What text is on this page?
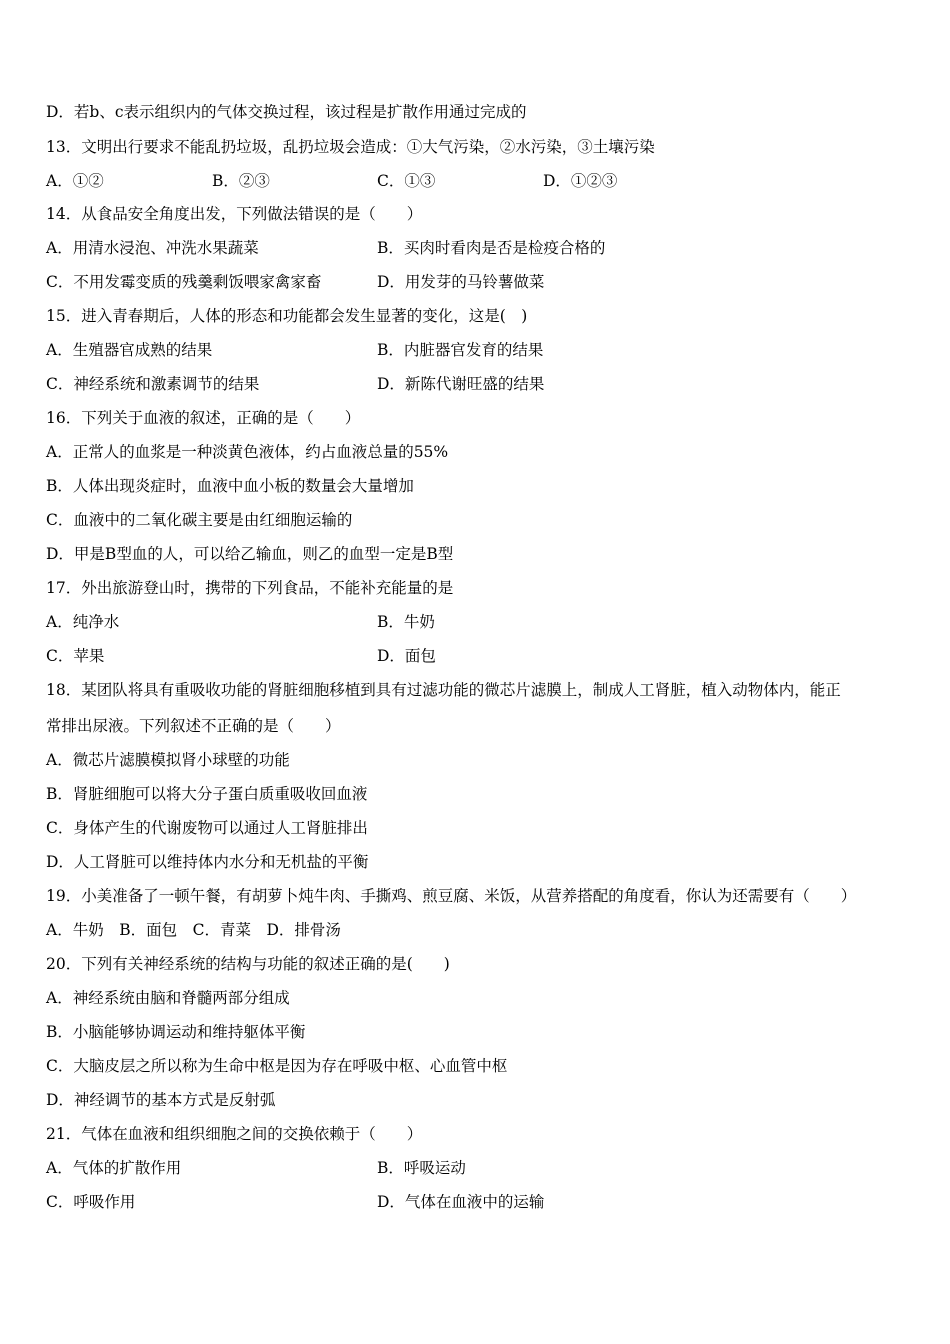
D．若b、c表示组织内的气体交换过程，该过程是扩散作用通过完成的
13．文明出行要求不能乱扔垃圾，乱扔垃圾会造成：①大气污染，②水污染，③土壤污染
A．①②	B．②③	C．①③	D．①②③
14．从食品安全角度出发，下列做法错误的是（　　）
A．用清水浸泡、冲洗水果蔬菜	B．买肉时看肉是否是检疫合格的
C．不用发霉变质的残羹剩饭喂家禽家畜	D．用发芽的马铃薯做菜
15．进入青春期后，人体的形态和功能都会发生显著的变化，这是(　)
A．生殖器官成熟的结果	B．内脏器官发育的结果
C．神经系统和激素调节的结果	D．新陈代谢旺盛的结果
16．下列关于血液的叙述，正确的是（　　）
A．正常人的血浆是一种淡黄色液体，约占血液总量的55%
B．人体出现炎症时，血液中血小板的数量会大量增加
C．血液中的二氧化碳主要是由红细胞运输的
D．甲是B型血的人，可以给乙输血，则乙的血型一定是B型
17．外出旅游登山时，携带的下列食品，不能补充能量的是
A．纯净水	B．牛奶
C．苹果	D．面包
18．某团队将具有重吸收功能的肾脏细胞移植到具有过滤功能的微芯片滤膜上，制成人工肾脏，植入动物体内，能正
常排出尿液。下列叙述不正确的是（　　）
A．微芯片滤膜模拟肾小球壁的功能
B．肾脏细胞可以将大分子蛋白质重吸收回血液
C．身体产生的代谢废物可以通过人工肾脏排出
D．人工肾脏可以维持体内水分和无机盐的平衡
19．小美准备了一顿午餐，有胡萝卜炖牛肉、手撕鸡、煎豆腐、米饭，从营养搭配的角度看，你认为还需要有（　　）
A．牛奶　B．面包　C．青菜　D．排骨汤
20．下列有关神经系统的结构与功能的叙述正确的是(　　)
A．神经系统由脑和脊髓两部分组成
B．小脑能够协调运动和维持躯体平衡
C．大脑皮层之所以称为生命中枢是因为存在呼吸中枢、心血管中枢
D．神经调节的基本方式是反射弧
21．气体在血液和组织细胞之间的交换依赖于（　　）
A．气体的扩散作用	B．呼吸运动
C．呼吸作用	D．气体在血液中的运输
